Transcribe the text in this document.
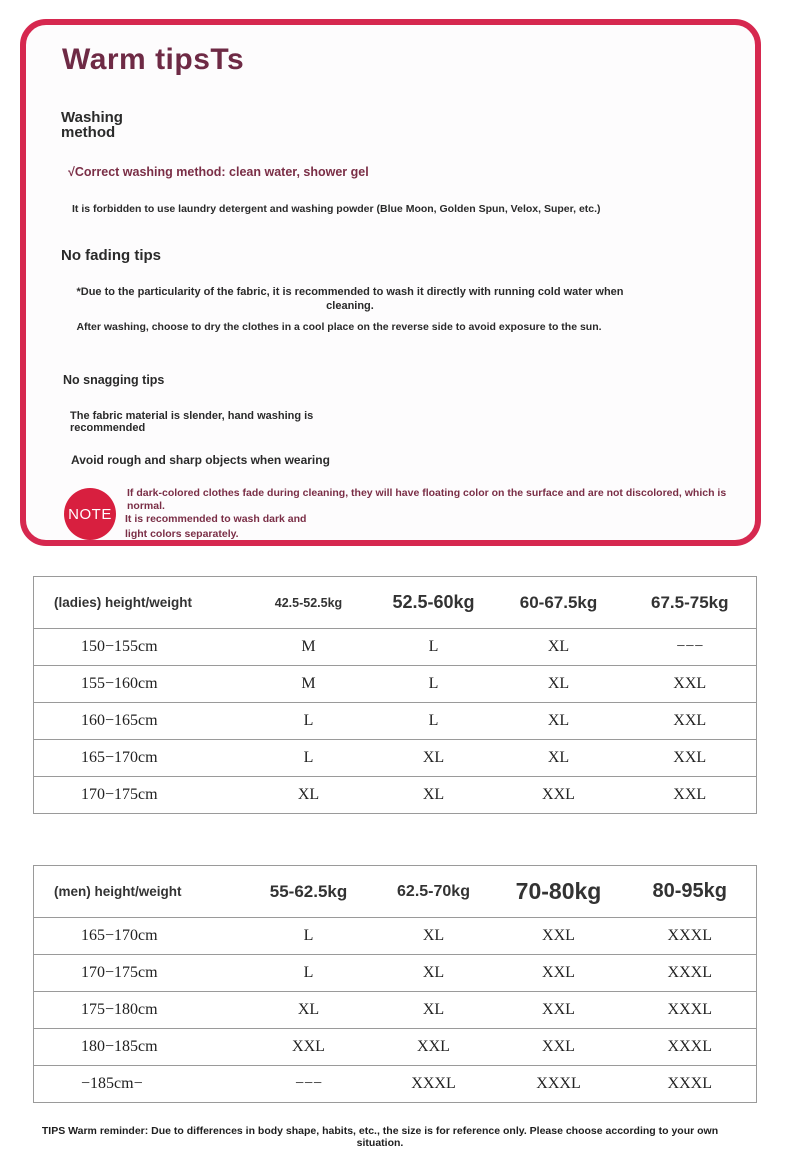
Warm tipsTs
Washing method
√Correct washing method: clean water, shower gel
It is forbidden to use laundry detergent and washing powder (Blue Moon, Golden Spun, Velox, Super, etc.)
No fading tips
*Due to the particularity of the fabric, it is recommended to wash it directly with running cold water when cleaning.
After washing, choose to dry the clothes in a cool place on the reverse side to avoid exposure to the sun.
No snagging tips
The fabric material is slender, hand washing is recommended
Avoid rough and sharp objects when wearing
NOTE
If dark-colored clothes fade during cleaning, they will have floating color on the surface and are not discolored, which is normal.
It is recommended to wash dark and light colors separately.
(ladies) height/weight	42.5-52.5kg	52.5-60kg	60-67.5kg	67.5-75kg
150−155cm	M	L	XL	−−−
155−160cm	M	L	XL	XXL
160−165cm	L	L	XL	XXL
165−170cm	L	XL	XL	XXL
170−175cm	XL	XL	XXL	XXL
(men) height/weight	55-62.5kg	62.5-70kg	70-80kg	80-95kg
165−170cm	L	XL	XXL	XXXL
170−175cm	L	XL	XXL	XXXL
175−180cm	XL	XL	XXL	XXXL
180−185cm	XXL	XXL	XXL	XXXL
−185cm−	−−−	XXXL	XXXL	XXXL
TIPS Warm reminder: Due to differences in body shape, habits, etc., the size is for reference only. Please choose according to your own situation.
